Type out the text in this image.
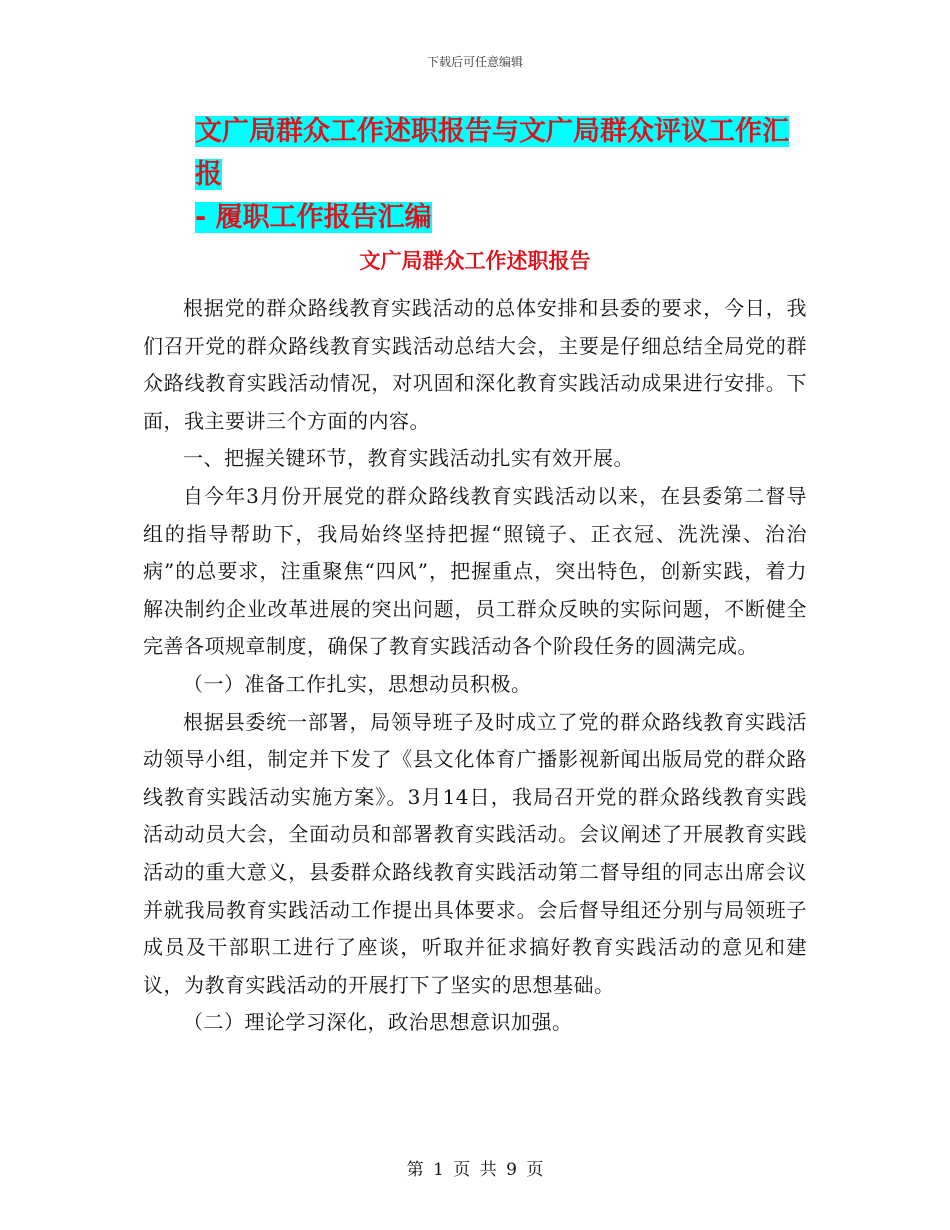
下载后可任意编辑
文广局群众工作述职报告与文广局群众评议工作汇报
- 履职工作报告汇编
文广局群众工作述职报告

根据党的群众路线教育实践活动的总体安排和县委的要求，今日，我们召开党的群众路线教育实践活动总结大会，主要是仔细总结全局党的群众路线教育实践活动情况，对巩固和深化教育实践活动成果进行安排。下面，我主要讲三个方面的内容。

一、把握关键环节，教育实践活动扎实有效开展。

自今年3月份开展党的群众路线教育实践活动以来，在县委第二督导组的指导帮助下，我局始终坚持把握“照镜子、正衣冠、洗洗澡、治治病”的总要求，注重聚焦“四风”，把握重点，突出特色，创新实践，着力解决制约企业改革进展的突出问题，员工群众反映的实际问题，不断健全完善各项规章制度，确保了教育实践活动各个阶段任务的圆满完成。

（一）准备工作扎实，思想动员积极。

根据县委统一部署，局领导班子及时成立了党的群众路线教育实践活动领导小组，制定并下发了《县文化体育广播影视新闻出版局党的群众路线教育实践活动实施方案》。3月14日，我局召开党的群众路线教育实践活动动员大会，全面动员和部署教育实践活动。会议阐述了开展教育实践活动的重大意义，县委群众路线教育实践活动第二督导组的同志出席会议并就我局教育实践活动工作提出具体要求。会后督导组还分别与局领班子成员及干部职工进行了座谈，听取并征求搞好教育实践活动的意见和建议，为教育实践活动的开展打下了坚实的思想基础。

（二）理论学习深化，政治思想意识加强。

第 1 页 共 9 页
